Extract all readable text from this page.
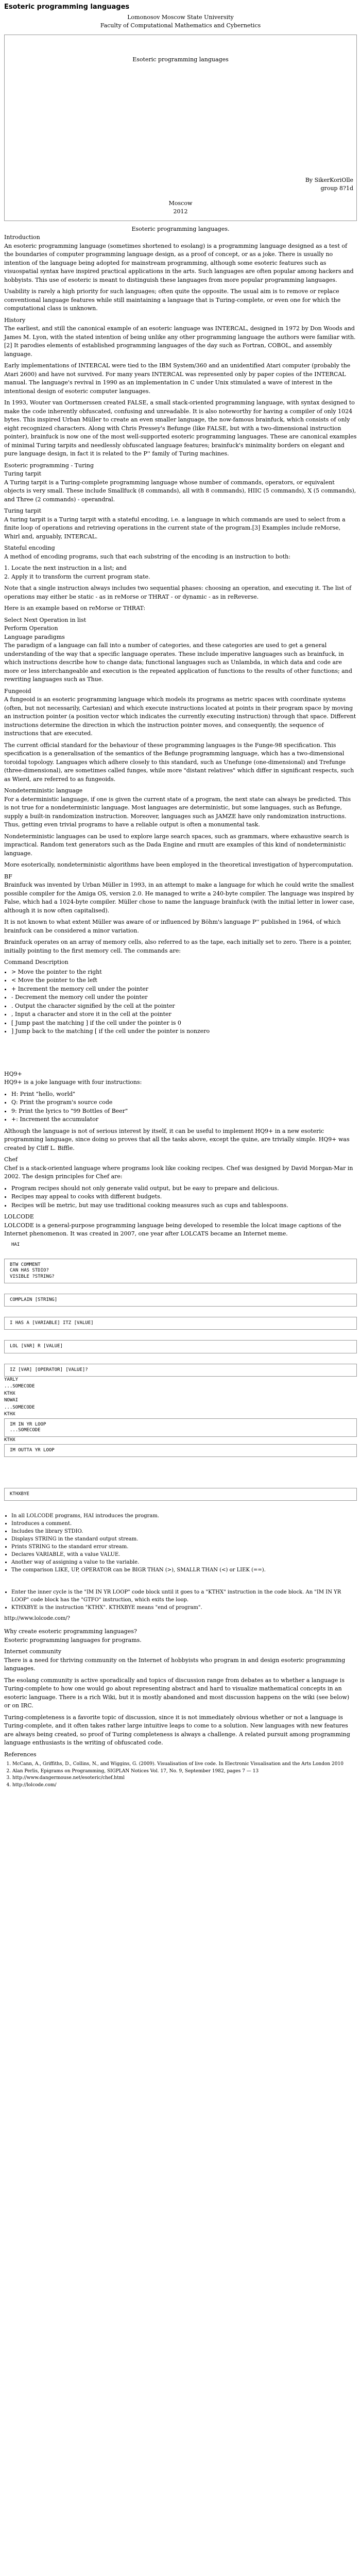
Esoteric programming languages
Lomonosov Moscow State University
Faculty of Computational Mathematics and Cybernetics
Esoteric programming languages
By SikerKoriOlle
group 8?1d
Moscow
2012
Esoteric programming languages.
Introduction

An esoteric programming language (sometimes shortened to esolang) is a programming language designed as a test of the boundaries of computer programming language design, as a proof of concept, or as a joke. There is usually no intention of the language being adopted for mainstream programming, although some esoteric features such as visuospatial syntax have inspired practical applications in the arts. Such languages are often popular among hackers and hobbyists. This use of esoteric is meant to distinguish these languages from more popular programming languages.

Usability is rarely a high priority for such languages; often quite the opposite. The usual aim is to remove or replace conventional language features while still maintaining a language that is Turing-complete, or even one for which the computational class is unknown.

History

The earliest, and still the canonical example of an esoteric language was INTERCAL, designed in 1972 by Don Woods and James M. Lyon, with the stated intention of being unlike any other programming language the authors were familiar with.[2] It parodies elements of established programming languages of the day such as Fortran, COBOL, and assembly language.

Early implementations of INTERCAL were tied to the IBM System/360 and an unidentified Atari computer (probably the Atari 2600) and have not survived. For many years INTERCAL was represented only by paper copies of the INTERCAL manual. The language's revival in 1990 as an implementation in C under Unix stimulated a wave of interest in the intentional design of esoteric computer languages.

In 1993, Wouter van Oortmerssen created FALSE, a small stack-oriented programming language, with syntax designed to make the code inherently obfuscated, confusing and unreadable. It is also noteworthy for having a compiler of only 1024 bytes. This inspired Urban Müller to create an even smaller language, the now-famous brainfuck, which consists of only eight recognized characters. Along with Chris Pressey's Befunge (like FALSE, but with a two-dimensional instruction pointer), brainfuck is now one of the most well-supported esoteric programming languages. These are canonical examples of minimal Turing tarpits and needlessly obfuscated language features; brainfuck's minimality borders on elegant and pure language design, in fact it is related to the P'' family of Turing machines.

Esoteric programming - Turing
Turing tarpit

A Turing tarpit is a Turing-complete programming language whose number of commands, operators, or equivalent objects is very small. These include Smallfuck (8 commands), all with 8 commands), HIIC (5 commands), X (5 commands), and Three (2 commands) - operandral.

Turing tarpit

A turing tarpit is a Turing tarpit with a stateful encoding, i.e. a language in which commands are used to select from a finite loop of operations and retrieving operations in the current state of the program.[3] Examples include reMorse, Whirl and, arguably, INTERCAL.

Stateful encoding

A method of encoding programs, such that each substring of the encoding is an instruction to both:

1. Locate the next instruction in a list; and
2. Apply it to transform the current program state.

Note that a single instruction always includes two sequential phases: choosing an operation, and executing it. The list of operations may either be static - as in reMorse or THRAT - or dynamic - as in reReverse.

Here is an example based on reMorse or THRAT:

Select Next Operation in list
Perform Operation
Language paradigms

The paradigm of a language can fall into a number of categories, and these categories are used to get a general understanding of the way that a specific language operates. These include imperative languages such as brainfuck, in which instructions describe how to change data; functional languages such as Unlambda, in which data and code are more or less interchangeable and execution is the repeated application of functions to the results of other functions; and rewriting languages such as Thue.

Fungeoid

A fungeoid is an esoteric programming language which models its programs as metric spaces with coordinate systems (often, but not necessarily, Cartesian) and which execute instructions located at points in their program space by moving an instruction pointer (a position vector which indicates the currently executing instruction) through that space. Different instructions determine the direction in which the instruction pointer moves, and consequently, the sequence of instructions that are executed.

The current official standard for the behaviour of these programming languages is the Funge-98 specification. This specification is a generalisation of the semantics of the Befunge programming language, which has a two-dimensional toroidal topology. Languages which adhere closely to this standard, such as Unefunge (one-dimensional) and Trefunge (three-dimensional), are sometimes called funges, while more "distant relatives" which differ in significant respects, such as Wierd, are referred to as fungeoids.

Nondeterministic language

For a deterministic language, if one is given the current state of a program, the next state can always be predicted. This is not true for a nondeterministic language. Most languages are deterministic, but some languages, such as Befunge, supply a built-in randomization instruction. Moreover, languages such as JAMZE have only randomization instructions. Thus, getting even trivial programs to have a reliable output is often a monumental task.

Nondeterministic languages can be used to explore large search spaces, such as grammars, where exhaustive search is impractical. Random text generators such as the Dada Engine and rmutt are examples of this kind of nondeterministic language.

More esoterically, nondeterministic algorithms have been employed in the theoretical investigation of hypercomputation.

BF

Brainfuck was invented by Urban Müller in 1993, in an attempt to make a language for which he could write the smallest possible compiler for the Amiga OS, version 2.0. He managed to write a 240-byte compiler. The language was inspired by False, which had a 1024-byte compiler. Müller chose to name the language brainfuck (with the initial letter in lower case, although it is now often capitalised).

It is not known to what extent Müller was aware of or influenced by Böhm's language P'' published in 1964, of which brainfuck can be considered a minor variation.

Brainfuck operates on an array of memory cells, also referred to as the tape, each initially set to zero. There is a pointer, initially pointing to the first memory cell. The commands are:

Command Description
• > Move the pointer to the right
• < Move the pointer to the left
• + Increment the memory cell under the pointer
• - Decrement the memory cell under the pointer
• . Output the character signified by the cell at the pointer
• , Input a character and store it in the cell at the pointer
• [ Jump past the matching ] if the cell under the pointer is 0
• ] Jump back to the matching [ if the cell under the pointer is nonzero
HQ9+

HQ9+ is a joke language with four instructions:

• H: Print "hello, world"
• Q: Print the program's source code
• 9: Print the lyrics to "99 Bottles of Beer"
• +: Increment the accumulator

Although the language is not of serious interest by itself, it can be useful to implement HQ9+ in a new esoteric programming language, since doing so proves that all the tasks above, except the quine, are trivially simple. HQ9+ was created by Cliff L. Biffle.

Chef

Chef is a stack-oriented language where programs look like cooking recipes. Chef was designed by David Morgan-Mar in 2002. The design principles for Chef are:

• Program recipes should not only generate valid output, but be easy to prepare and delicious.
• Recipes may appeal to cooks with different budgets.
• Recipes will be metric, but may use traditional cooking measures such as cups and tablespoons.
LOLCODE

LOLCODE is a general-purpose programming language being developed to resemble the lolcat image captions of the Internet phenomenon. It was created in 2007, one year after LOLCATS became an Internet meme.

HAI
BTW COMMENT
CAN HAS STDIO?
VISIBLE ?STRING?
COMPLAIN [STRING]
I HAS A [VARIABLE] ITZ [VALUE]
LOL [VAR] R [VALUE]
IZ [VAR] [OPERATOR] [VALUE]?
YARLY
...SOMECODE
KTHX
NOWAI
...SOMECODE
KTHX
IM IN YR LOOP
...SOMECODE
KTHX
IM OUTTA YR LOOP
KTHXBYE
• In all LOLCODE programs, HAI introduces the program.
• Introduces a comment.
• Includes the library STDIO.
• Displays STRING in the standard output stream.
• Prints STRING to the standard error stream.
• Declares VARIABLE, with a value VALUE.
• Another way of assigning a value to the variable.
• The comparison LIKE, UP, OPERATOR can be BIGR THAN (>), SMALLR THAN (<) or LIEK (==).
• Enter the inner cycle is the "IM IN YR LOOP" code block until it goes to a "KTHX" instruction in the code block. An "IM IN YR LOOP" code block has the "GTFO" instruction, which exits the loop.
• KTHXBYE is the instruction "KTHX". KTHXBYE means "end of program".
http://www.lolcode.com/?
Why create esoteric programming languages?

Esoteric programming languages for programs.

Internet community

There is a need for thriving community on the Internet of hobbyists who program in and design esoteric programming languages.

The esolang community is active sporadically and topics of discussion range from debates as to whether a language is Turing-complete to how one would go about representing abstract and hard to visualize mathematical concepts in an esoteric language. There is a rich Wiki, but it is mostly abandoned and most discussion happens on the wiki (see below) or on IRC.

Turing-completeness is a favorite topic of discussion, since it is not immediately obvious whether or not a language is Turing-complete, and it often takes rather large intuitive leaps to come to a solution. New languages with new features are always being created, so proof of Turing completeness is always a challenge. A related pursuit among programming language enthusiasts is the writing of obfuscated code.

References
1. McCann, A., Griffiths, D., Collins, N., and Wiggins, G. (2009). Visualisation of live code. In Electronic Visualisation and the Arts London 2010
2. Alan Perlis, Epigrams on Programming, SIGPLAN Notices Vol. 17, No. 9, September 1982, pages 7 — 13
3. http://www.dangermouse.net/esoteric/chef.html
4. http://lolcode.com/
